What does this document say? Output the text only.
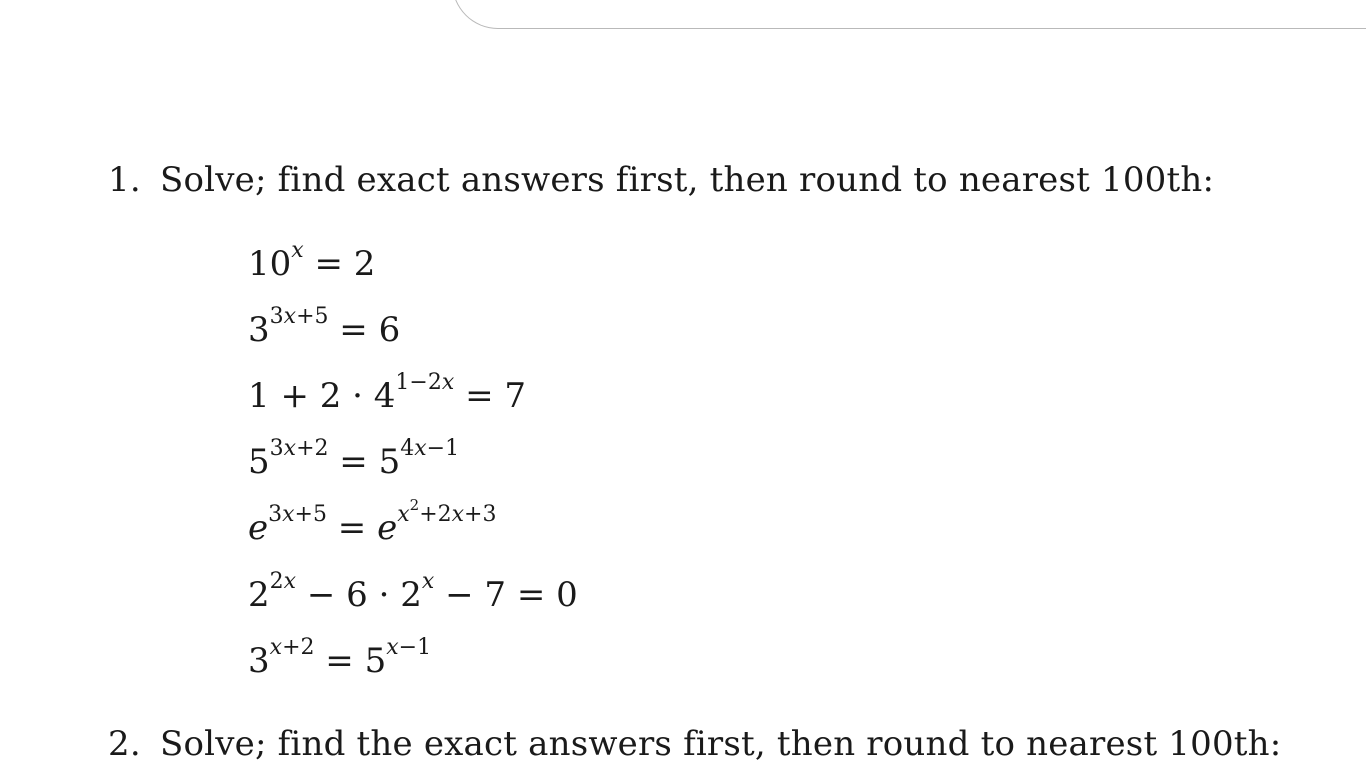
1. Solve; find exact answers first, then round to nearest 100th:
$10^x = 2$
$3^{3x+5} = 6$
$1 + 2 \cdot 4^{1-2x} = 7$
$5^{3x+2} = 5^{4x-1}$
$e^{3x+5} = e^{x^2+2x+3}$
$2^{2x} - 6 \cdot 2^x - 7 = 0$
$3^{x+2} = 5^{x-1}$
2. Solve; find the exact answers first, then round to nearest 100th:
